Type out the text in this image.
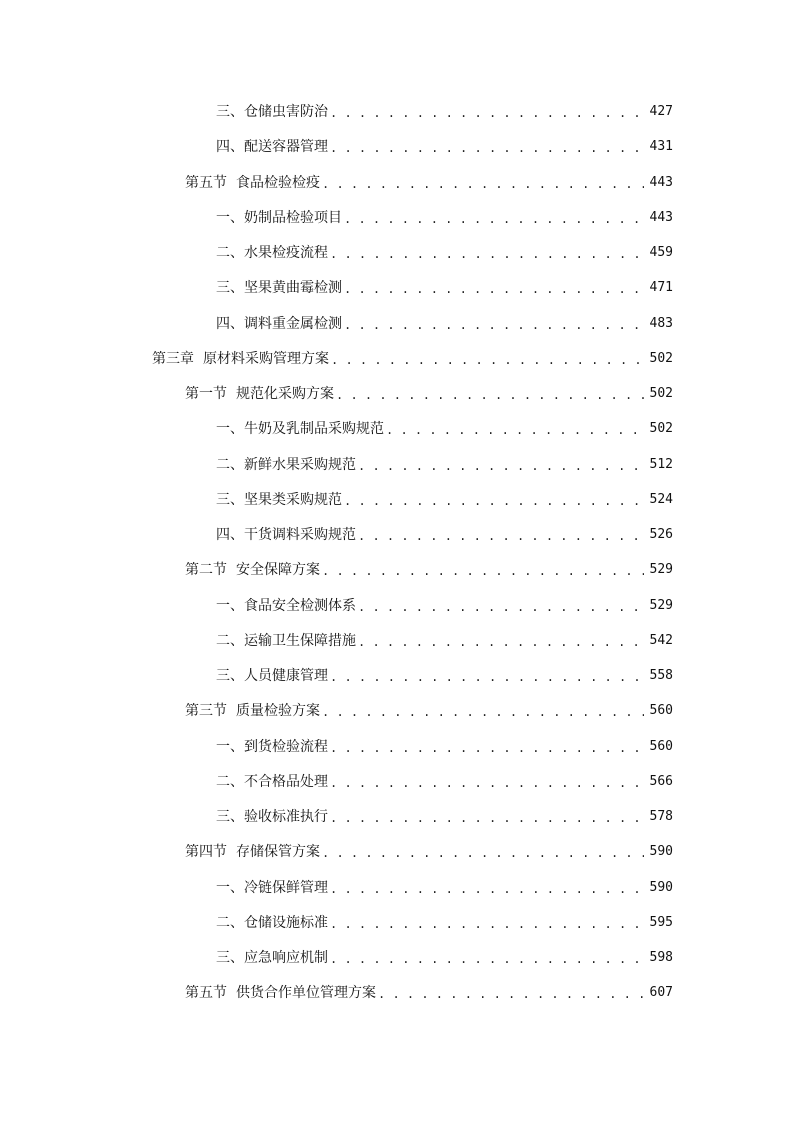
三、 仓储虫害防治 . . .	427
四、 配送容器管理 . . .	431
第五节 食品检验检疫 . . .	443
一、 奶制品检验项目 . . .	443
二、 水果检疫流程 . . .	459
三、 坚果黄曲霉检测 . . .	471
四、 调料重金属检测 . . .	483
第三章 原材料采购管理方案 . . .	502
第一节 规范化采购方案 . . .	502
一、 牛奶及乳制品采购规范 . . .	502
二、 新鲜水果采购规范 . . .	512
三、 坚果类采购规范 . . .	524
四、 干货调料采购规范 . . .	526
第二节 安全保障方案 . . .	529
一、 食品安全检测体系 . . .	529
二、 运输卫生保障措施 . . .	542
三、 人员健康管理 . . .	558
第三节 质量检验方案 . . .	560
一、 到货检验流程 . . .	560
二、 不合格品处理 . . .	566
三、 验收标准执行 . . .	578
第四节 存储保管方案 . . .	590
一、 冷链保鲜管理 . . .	590
二、 仓储设施标准 . . .	595
三、 应急响应机制 . . .	598
第五节 供货合作单位管理方案 . . .	607
